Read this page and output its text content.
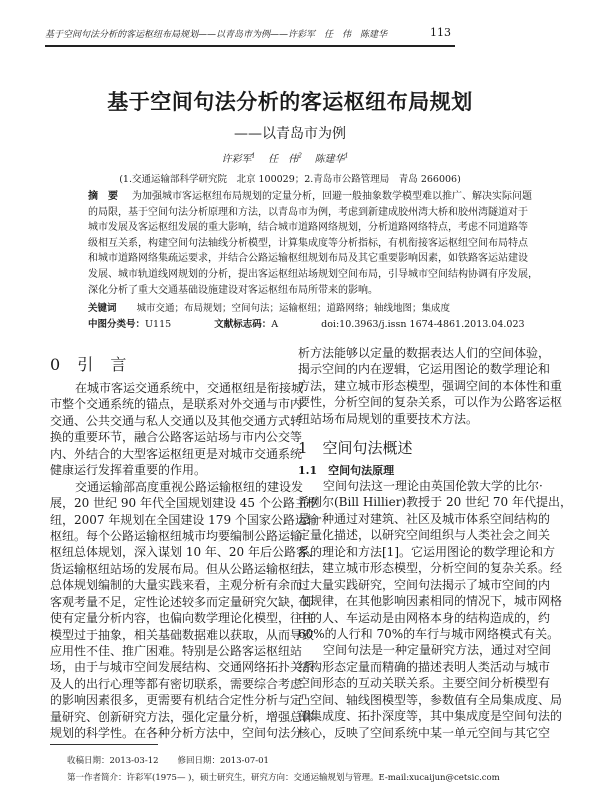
基于空间句法分析的客运枢纽布局规划——以青岛市为例——许彩军　任　伟　陈建华	113
基于空间句法分析的客运枢纽布局规划
——以青岛市为例
许彩军$^1$ 任　伟$^2$ 陈建华$^1$
(1.交通运输部科学研究院　北京 100029；2.青岛市公路管理局　青岛 266006)
摘　要 为加强城市客运枢纽布局规划的定量分析，回避一般抽象数学模型难以推广、解决实际问题
的局限，基于空间句法分析原理和方法，以青岛市为例，考虑到新建成胶州湾大桥和胶州湾隧道对于
城市发展及客运枢纽发展的重大影响，结合城市道路网络规划，分析道路网络特点，考虑不同道路等
级相互关系，构建空间句法轴线分析模型，计算集成度等分析指标，有机衔接客运枢纽空间布局特点
和城市道路网络集疏运要求，并结合公路运输枢纽规划布局及其它重要影响因素，如铁路客运站建设
发展、城市轨道线网规划的分析，提出客运枢纽站场规划空间布局，引导城市空间结构协调有序发展，
深化分析了重大交通基础设施建设对客运枢纽布局所带来的影响。
关键词 城市交通；布局规划；空间句法；运输枢纽；道路网络；轴线地图；集成度
中图分类号：U115	文献标志码：A	doi:10.3963/j.issn 1674-4861.2013.04.023
0 引 言
在城市客运交通系统中，交通枢纽是衔接城
市整个交通系统的锚点，是联系对外交通与市内
交通、公共交通与私人交通以及其他交通方式转
换的重要环节，融合公路客运站场与市内公交等
内、外结合的大型客运枢纽更是对城市交通系统
健康运行发挥着重要的作用。
交通运输部高度重视公路运输枢纽的建设发
展，20 世纪 90 年代全国规划建设 45 个公路主枢
纽，2007 年规划在全国建设 179 个国家公路运输
枢纽。每个公路运输枢纽城市均要编制公路运输
枢纽总体规划，深入谋划 10 年、20 年后公路客、
货运输枢纽站场的发展布局。但从公路运输枢纽
总体规划编制的大量实践来看，主观分析有余而
客观考量不足，定性论述较多而定量研究欠缺，即
使有定量分析内容，也偏向数学理论化模型，往往
模型过于抽象，相关基础数据难以获取，从而导致
应用性不佳、推广困难。特别是公路客运枢纽站
场，由于与城市空间发展结构、交通网络拓扑关系
及人的出行心理等都有密切联系，需要综合考虑
的影响因素很多，更需要有机结合定性分析与定
量研究、创新研究方法，强化定量分析，增强总体
规划的科学性。在各种分析方法中，空间句法分
析方法能够以定量的数据表达人们的空间体验，
揭示空间的内在逻辑，它运用图论的数学理论和
方法，建立城市形态模型，强调空间的本体性和重
要性，分析空间的复杂关系，可以作为公路客运枢
纽站场布局规划的重要技术方法。
1　空间句法概述
1.1　空间句法原理
空间句法这一理论由英国伦敦大学的比尔·
希列尔(Bill Hillier)教授于 20 世纪 70 年代提出，
是一种通过对建筑、社区及城市体系空间结构的
定量化描述，以研究空间组织与人类社会之间关
系的理论和方法[1]。它运用图论的数学理论和方
法，建立城市形态模型，分析空间的复杂关系。经
过大量实践研究，空间句法揭示了城市空间的内
在规律，在其他影响因素相同的情况下，城市网格
中的人、车运动是由网格本身的结构造成的，约
60%的人行和 70%的车行与城市网络模式有关。
空间句法是一种定量研究方法，通过对空间
结构形态定量而精确的描述表明人类活动与城市
空间形态的互动关联关系。主要空间分析模型有
凸空间、轴线图模型等，参数值有全局集成度、局
部集成度、拓扑深度等，其中集成度是空间句法的
核心，反映了空间系统中某一单元空间与其它空
收稿日期：2013-03-12 修回日期：2013-07-01
第一作者简介：许彩军(1975— )，硕士研究生，研究方向：交通运输规划与管理。E-mail:xucaijun@cetsic.com
